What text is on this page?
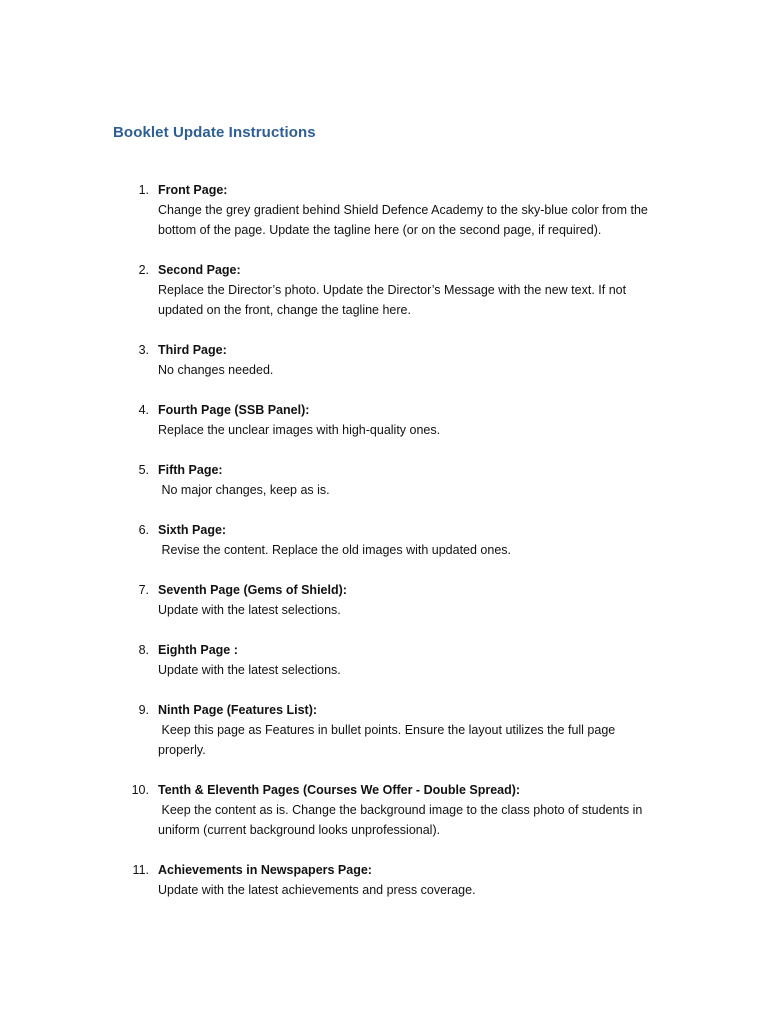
Booklet Update Instructions
1. Front Page:
Change the grey gradient behind Shield Defence Academy to the sky-blue color from the bottom of the page. Update the tagline here (or on the second page, if required).
2. Second Page:
Replace the Director’s photo. Update the Director’s Message with the new text. If not updated on the front, change the tagline here.
3. Third Page:
No changes needed.
4. Fourth Page (SSB Panel):
Replace the unclear images with high-quality ones.
5. Fifth Page:
No major changes, keep as is.
6. Sixth Page:
Revise the content. Replace the old images with updated ones.
7. Seventh Page (Gems of Shield):
Update with the latest selections.
8. Eighth Page :
Update with the latest selections.
9. Ninth Page (Features List):
Keep this page as Features in bullet points. Ensure the layout utilizes the full page properly.
10. Tenth & Eleventh Pages (Courses We Offer - Double Spread):
Keep the content as is. Change the background image to the class photo of students in uniform (current background looks unprofessional).
11. Achievements in Newspapers Page:
Update with the latest achievements and press coverage.
